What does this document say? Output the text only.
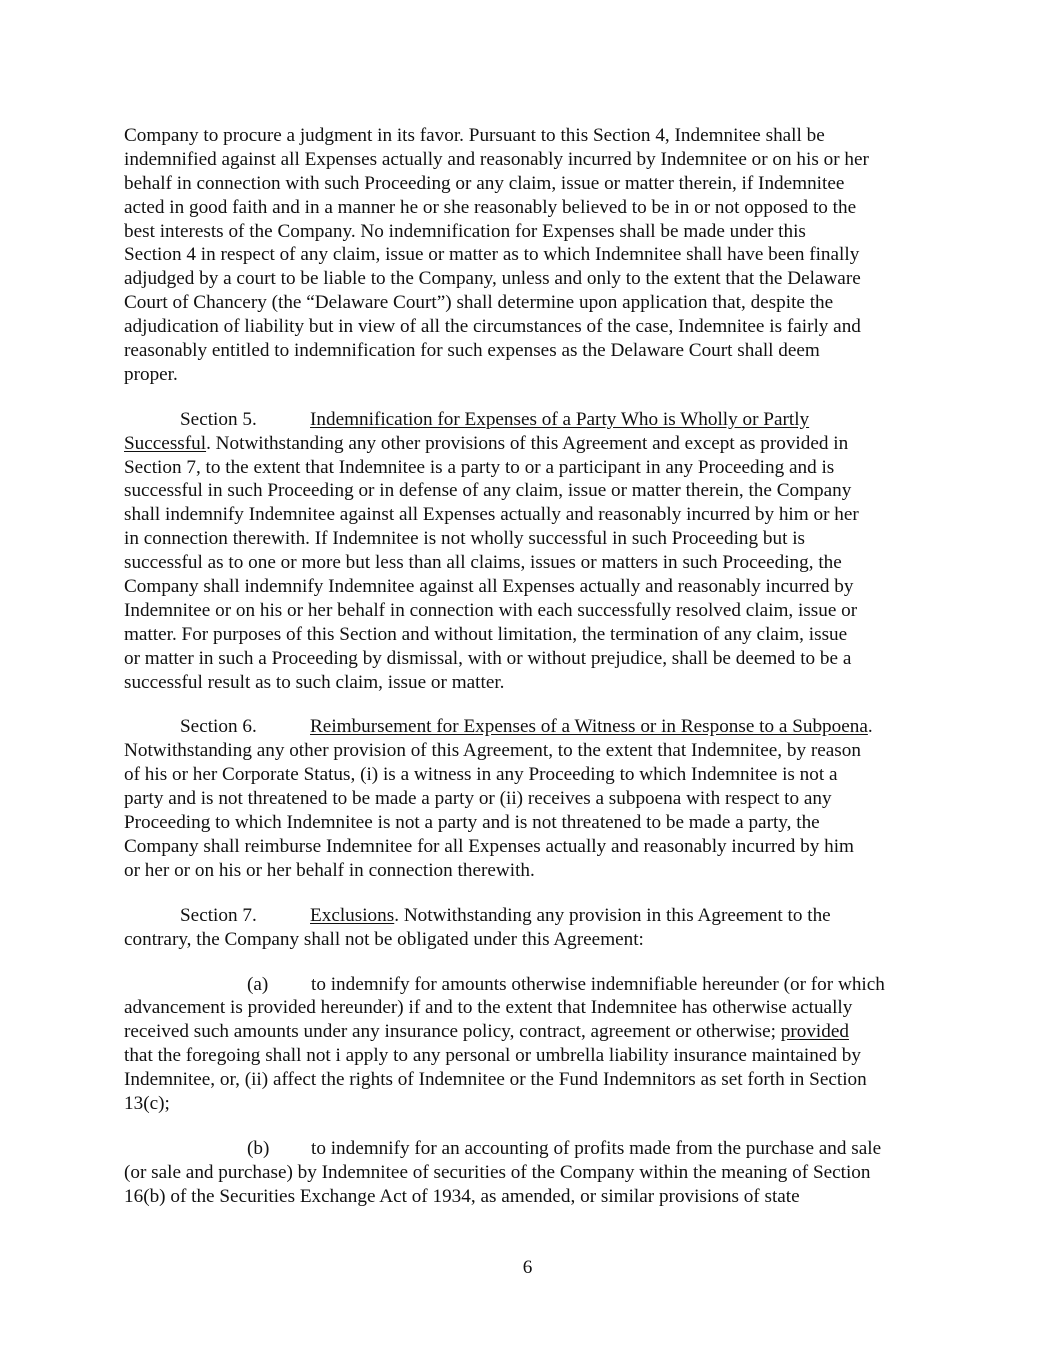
Company to procure a judgment in its favor. Pursuant to this Section 4, Indemnitee shall be
indemnified against all Expenses actually and reasonably incurred by Indemnitee or on his or her
behalf in connection with such Proceeding or any claim, issue or matter therein, if Indemnitee
acted in good faith and in a manner he or she reasonably believed to be in or not opposed to the
best interests of the Company. No indemnification for Expenses shall be made under this
Section 4 in respect of any claim, issue or matter as to which Indemnitee shall have been finally
adjudged by a court to be liable to the Company, unless and only to the extent that the Delaware
Court of Chancery (the “Delaware Court”) shall determine upon application that, despite the
adjudication of liability but in view of all the circumstances of the case, Indemnitee is fairly and
reasonably entitled to indemnification for such expenses as the Delaware Court shall deem
proper.
Section 5.	Indemnification for Expenses of a Party Who is Wholly or Partly
Successful. Notwithstanding any other provisions of this Agreement and except as provided in
Section 7, to the extent that Indemnitee is a party to or a participant in any Proceeding and is
successful in such Proceeding or in defense of any claim, issue or matter therein, the Company
shall indemnify Indemnitee against all Expenses actually and reasonably incurred by him or her
in connection therewith. If Indemnitee is not wholly successful in such Proceeding but is
successful as to one or more but less than all claims, issues or matters in such Proceeding, the
Company shall indemnify Indemnitee against all Expenses actually and reasonably incurred by
Indemnitee or on his or her behalf in connection with each successfully resolved claim, issue or
matter. For purposes of this Section and without limitation, the termination of any claim, issue
or matter in such a Proceeding by dismissal, with or without prejudice, shall be deemed to be a
successful result as to such claim, issue or matter.
Section 6.	Reimbursement for Expenses of a Witness or in Response to a Subpoena.
Notwithstanding any other provision of this Agreement, to the extent that Indemnitee, by reason
of his or her Corporate Status, (i) is a witness in any Proceeding to which Indemnitee is not a
party and is not threatened to be made a party or (ii) receives a subpoena with respect to any
Proceeding to which Indemnitee is not a party and is not threatened to be made a party, the
Company shall reimburse Indemnitee for all Expenses actually and reasonably incurred by him
or her or on his or her behalf in connection therewith.
Section 7.	Exclusions. Notwithstanding any provision in this Agreement to the
contrary, the Company shall not be obligated under this Agreement:
(a) to indemnify for amounts otherwise indemnifiable hereunder (or for which
advancement is provided hereunder) if and to the extent that Indemnitee has otherwise actually
received such amounts under any insurance policy, contract, agreement or otherwise; provided
that the foregoing shall not i apply to any personal or umbrella liability insurance maintained by
Indemnitee, or, (ii) affect the rights of Indemnitee or the Fund Indemnitors as set forth in Section
13(c);
(b) to indemnify for an accounting of profits made from the purchase and sale
(or sale and purchase) by Indemnitee of securities of the Company within the meaning of Section
16(b) of the Securities Exchange Act of 1934, as amended, or similar provisions of state
6
